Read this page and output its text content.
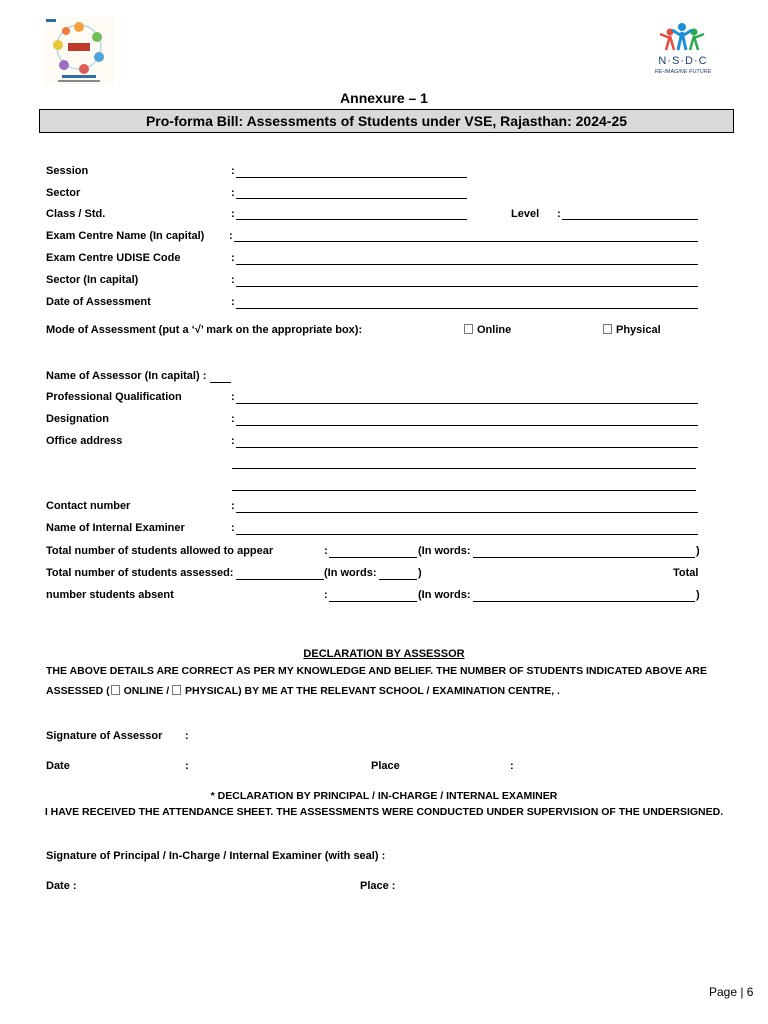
N·S·D·C
RE-IMAGINE FUTURE
Annexure – 1
Pro-forma Bill: Assessments of Students under VSE, Rajasthan: 2024-25
Session	:
Sector	:
Class / Std.	:	Level :
Exam Centre Name (In capital) :
Exam Centre UDISE Code	:
Sector (In capital)	:
Date of Assessment	:
Mode of Assessment (put a ‘√’ mark on the appropriate box):	Online	Physical
Name of Assessor (In capital) :
Professional Qualification	:
Designation	:
Office address	:
Contact number	:
Name of Internal Examiner	:
Total number of students allowed to appear	:	(In words:	)
Total number of students assessed:	(In words:	)	Total
number students absent	:	(In words:	)
DECLARATION BY ASSESSOR
THE ABOVE DETAILS ARE CORRECT AS PER MY KNOWLEDGE AND BELIEF. THE NUMBER OF STUDENTS INDICATED ABOVE ARE
ASSESSED ( ONLINE / PHYSICAL) BY ME AT THE RELEVANT SCHOOL / EXAMINATION CENTRE, .
Signature of Assessor :
Date	:	Place	:
* DECLARATION BY PRINCIPAL / IN-CHARGE / INTERNAL EXAMINER
I HAVE RECEIVED THE ATTENDANCE SHEET. THE ASSESSMENTS WERE CONDUCTED UNDER SUPERVISION OF THE UNDERSIGNED.
Signature of Principal / In-Charge / Internal Examiner (with seal) :
Date :	Place :
Page | 6
